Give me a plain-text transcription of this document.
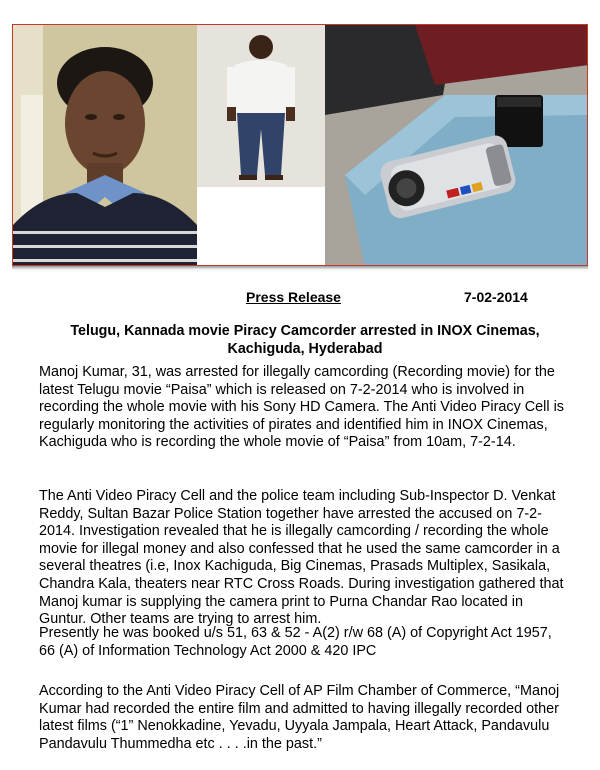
Press Release	7-02-2014
Telugu, Kannada movie Piracy Camcorder arrested in INOX Cinemas,
Kachiguda, Hyderabad
Manoj Kumar, 31, was arrested for illegally camcording (Recording movie) for the latest Telugu movie “Paisa” which is released on 7-2-2014 who is involved in recording the whole movie with his Sony HD Camera. The Anti Video Piracy Cell is regularly monitoring the activities of pirates and identified him in INOX Cinemas, Kachiguda who is recording the whole movie of “Paisa” from 10am, 7-2-14.
The Anti Video Piracy Cell and the police team including Sub-Inspector D. Venkat Reddy, Sultan Bazar Police Station together have arrested the accused on 7-2-2014. Investigation revealed that he is illegally camcording / recording the whole movie for illegal money and also confessed that he used the same camcorder in a several theatres (i.e, Inox Kachiguda, Big Cinemas, Prasads Multiplex, Sasikala, Chandra Kala, theaters near RTC Cross Roads. During investigation gathered that Manoj kumar is supplying the camera print to Purna Chandar Rao located in Guntur. Other teams are trying to arrest him.
Presently he was booked u/s 51, 63 & 52 - A(2) r/w 68 (A) of Copyright Act 1957, 66 (A) of Information Technology Act 2000 & 420 IPC
According to the Anti Video Piracy Cell of AP Film Chamber of Commerce, “Manoj Kumar had recorded the entire film and admitted to having illegally recorded other latest films (“1” Nenokkadine, Yevadu, Uyyala Jampala, Heart Attack, Pandavulu Pandavulu Thummedha etc . . . .in the past.”
